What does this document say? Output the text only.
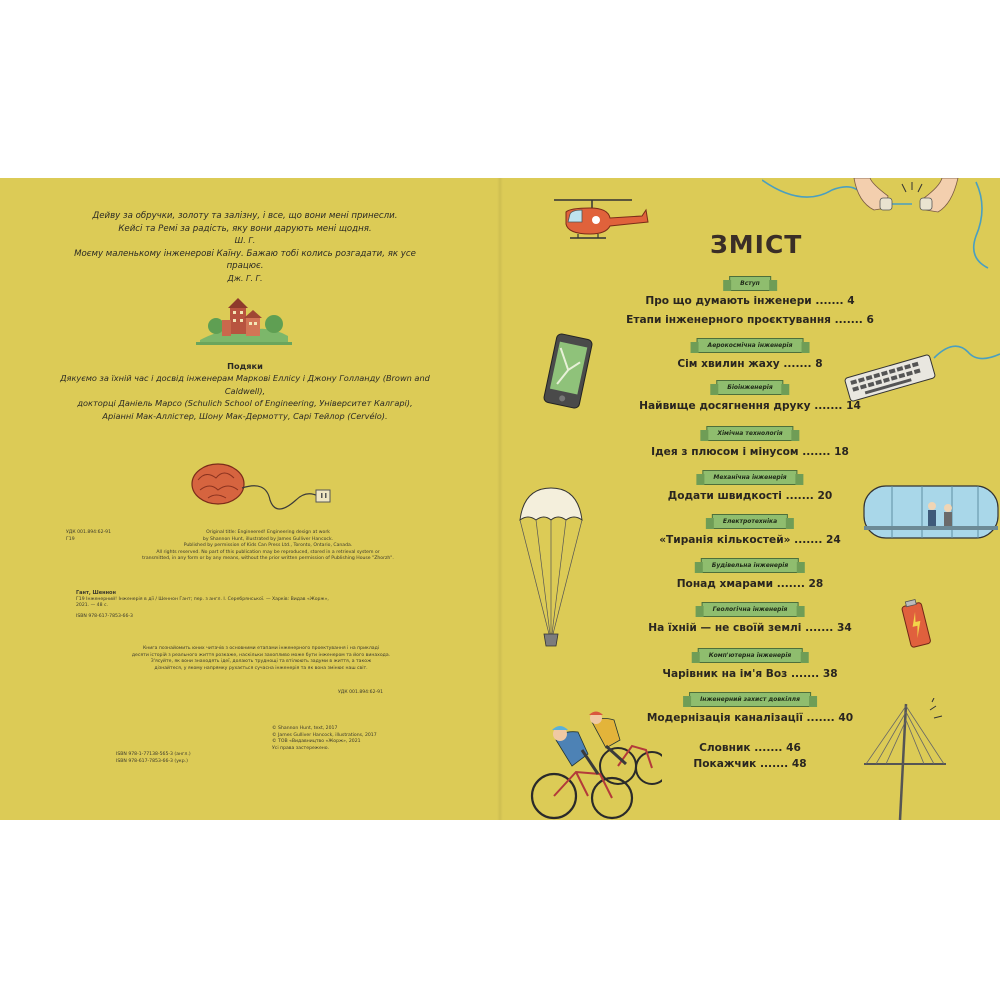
Дейву за обручки, золоту та залізну, і все, що вони мені принесли.

Кейсі та Ремі за радість, яку вони дарують мені щодня.

Ш. Г.

Моєму маленькому інженерові Каїну. Бажаю тобі колись розгадати, як усе працює.

Дж. Г. Г.

Подяки

Дякуємо за їхній час і досвід інженерам Маркові Еллісу і Джону Голланду (Brown and Caldwell),

докторці Даніель Марсо (Schulich School of Engineering, Університет Калгарі),

Аріанні Мак-Аллістер, Шону Мак-Дермотту, Сарі Тейлор (Cervélo).

УДК 001.894:62-91
Г19
Original title: Engineered! Engineering design at work
by Shannon Hunt, illustrated by James Gulliver Hancock.
Published by permission of Kids Can Press Ltd., Toronto, Ontario, Canada.
All rights reserved. No part of this publication may be reproduced, stored in a retrieval system or
transmitted, in any form or by any means, without the prior written permission of Publishing House "Zhorzh".
Гант, Шеннон
Г19 Інженерний! Інженерія в дії / Шеннон Гант; пер. з англ. І. Серебрянської. — Харків: Видав «Жорж»,
2021. — 48 с.
ISBN 978-617-7853-66-3
Книга познайомить юних читачів з основними етапами інженерного проектування і на прикладі
десяти історій з реального життя розкаже, наскільки захопливо може бути інженером та його винахода.
З'ясуйте, як вони знаходять ідеї, долають труднощі та втілюють задуми в життя, а також
дізнайтеся, у якому напрямку рухається сучасна інженерія та як вона змінює наш світ.
УДК 001.894:62-91
© Shannon Hunt, text, 2017
© James Gulliver Hancock, illustrations, 2017
© ТОВ «Видавництво «Жорж», 2021
Усі права застережено.
ISBN 978-1-77138-565-3 (англ.)
ISBN 978-617-7853-66-3 (укр.)
ЗМІСТ
Вступ
Про що думають інженери ....... 4
Етапи інженерного проєктування ....... 6
Аерокосмічна інженерія
Сім хвилин жаху ....... 8
Біоінженерія
Найвище досягнення друку ....... 14
Хімічна технологія
Ідея з плюсом і мінусом ....... 18
Механічна інженерія
Додати швидкості ....... 20
Електротехніка
«Тиранія кількостей» ....... 24
Будівельна інженерія
Понад хмарами ....... 28
Геологічна інженерія
На їхній — не своїй землі ....... 34
Комп'ютерна інженерія
Чарівник на ім'я Воз ....... 38
Інженерний захист довкілля
Модернізація каналізації ....... 40
Словник ....... 46
Покажчик ....... 48
